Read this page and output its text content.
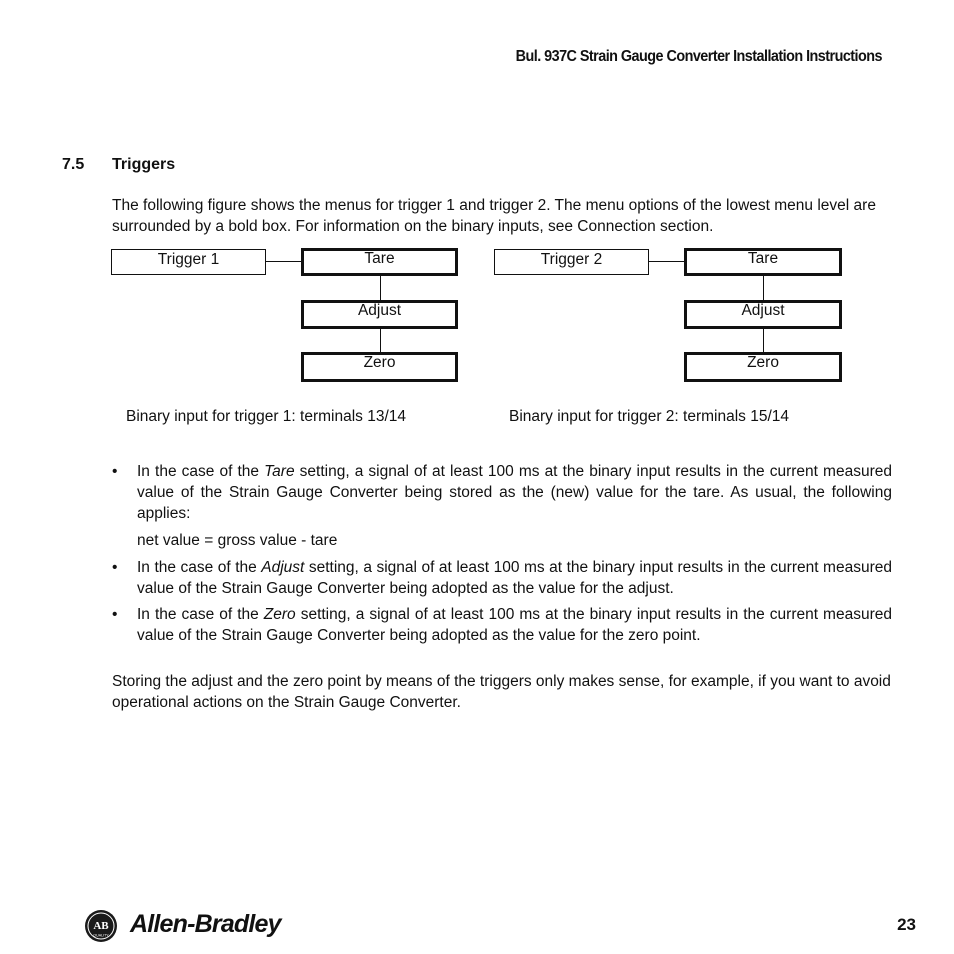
Bul. 937C Strain Gauge Converter Installation Instructions
7.5 Triggers
The following figure shows the menus for trigger 1 and trigger 2. The menu options of the lowest menu level are surrounded by a bold box. For information on the binary inputs, see Connection section.
Trigger 1	Tare
Adjust
Zero
Trigger 2	Tare
Adjust
Zero
Binary input for trigger 1: terminals 13/14	Binary input for trigger 2: terminals 15/14
• In the case of the Tare setting, a signal of at least 100 ms at the binary input results in the current measured value of the Strain Gauge Converter being stored as the (new) value for the tare. As usual, the following applies:
net value = gross value - tare
• In the case of the Adjust setting, a signal of at least 100 ms at the binary input results in the current measured value of the Strain Gauge Converter being adopted as the value for the adjust.
• In the case of the Zero setting, a signal of at least 100 ms at the binary input results in the current measured value of the Strain Gauge Converter being adopted as the value for the zero point.
Storing the adjust and the zero point by means of the triggers only makes sense, for example, if you want to avoid operational actions on the Strain Gauge Converter.
AB
QUALITY Allen-Bradley	23
